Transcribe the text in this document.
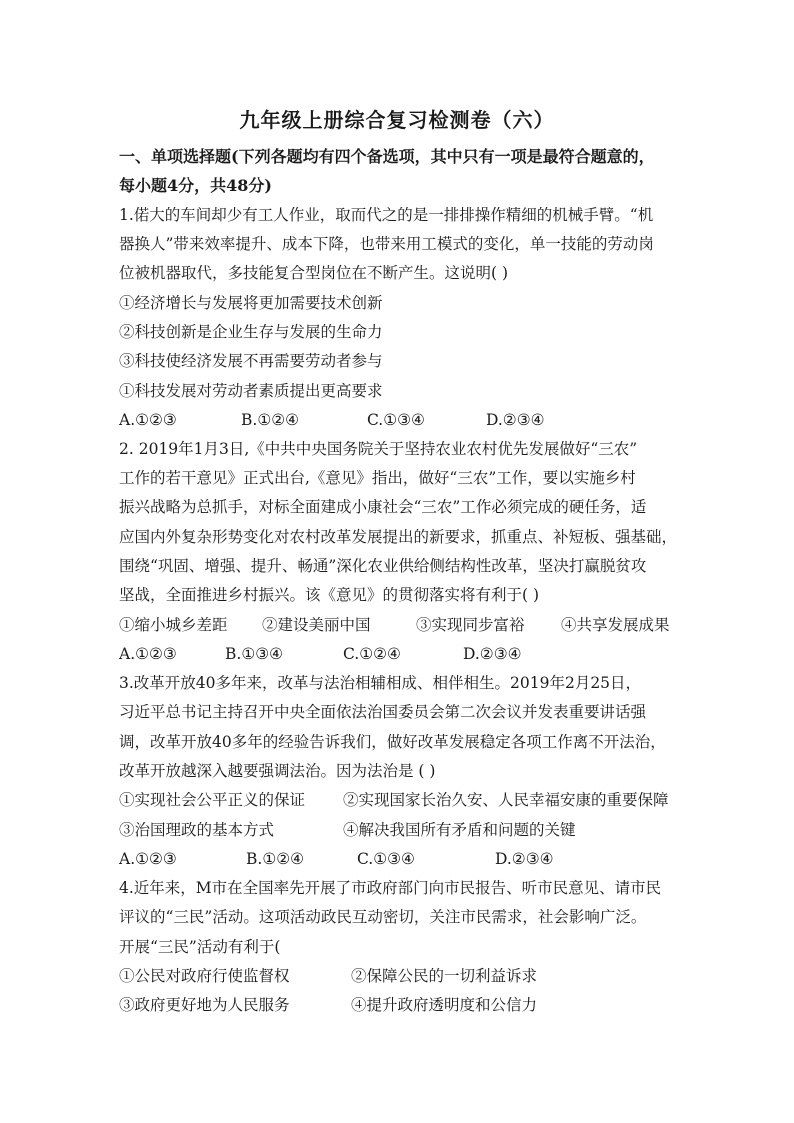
九年级上册综合复习检测卷（六）
一、单项选择题(下列各题均有四个备选项，其中只有一项是最符合题意的，
每小题4分，共48分)
1.偌大的车间却少有工人作业，取而代之的是一排排操作精细的机械手臂。“机
器换人”带来效率提升、成本下降，也带来用工模式的变化，单一技能的劳动岗
位被机器取代，多技能复合型岗位在不断产生。这说明( )
①经济增长与发展将更加需要技术创新
②科技创新是企业生存与发展的生命力
③科技使经济发展不再需要劳动者参与
①科技发展对劳动者素质提出更高要求
A.①②③	B.①②④	C.①③④	D.②③④
2. 2019年1月3日,《中共中央国务院关于坚持农业农村优先发展做好“三农”
工作的若干意见》正式出台,《意见》指出，做好“三农”工作，要以实施乡村
振兴战略为总抓手，对标全面建成小康社会“三农”工作必须完成的硬任务，适
应国内外复杂形势变化对农村改革发展提出的新要求，抓重点、补短板、强基础，
围绕“巩固、增强、提升、畅通”深化农业供给侧结构性改革，坚决打赢脱贫攻
坚战，全面推进乡村振兴。该《意见》的贯彻落实将有利于( )
①缩小城乡差距 ②建设美丽中国	③实现同步富裕 ④共享发展成果
A.①②③	B.①③④	C.①②④	D.②③④
3.改革开放40多年来，改革与法治相辅相成、相伴相生。2019年2月25日，
习近平总书记主持召开中央全面依法治国委员会第二次会议并发表重要讲话强
调，改革开放40多年的经验告诉我们，做好改革发展稳定各项工作离不开法治，
改革开放越深入越要强调法治。因为法治是 ( )
①实现社会公平正义的保证 ②实现国家长治久安、人民幸福安康的重要保障
③治国理政的基本方式	④解决我国所有矛盾和问题的关键
A.①②③	B.①②④	C.①③④	D.②③④
4.近年来，M市在全国率先开展了市政府部门向市民报告、听市民意见、请市民
评议的“三民”活动。这项活动政民互动密切，关注市民需求，社会影响广泛。
开展“三民”活动有利于(
①公民对政府行使监督权	②保障公民的一切利益诉求
③政府更好地为人民服务	④提升政府透明度和公信力
